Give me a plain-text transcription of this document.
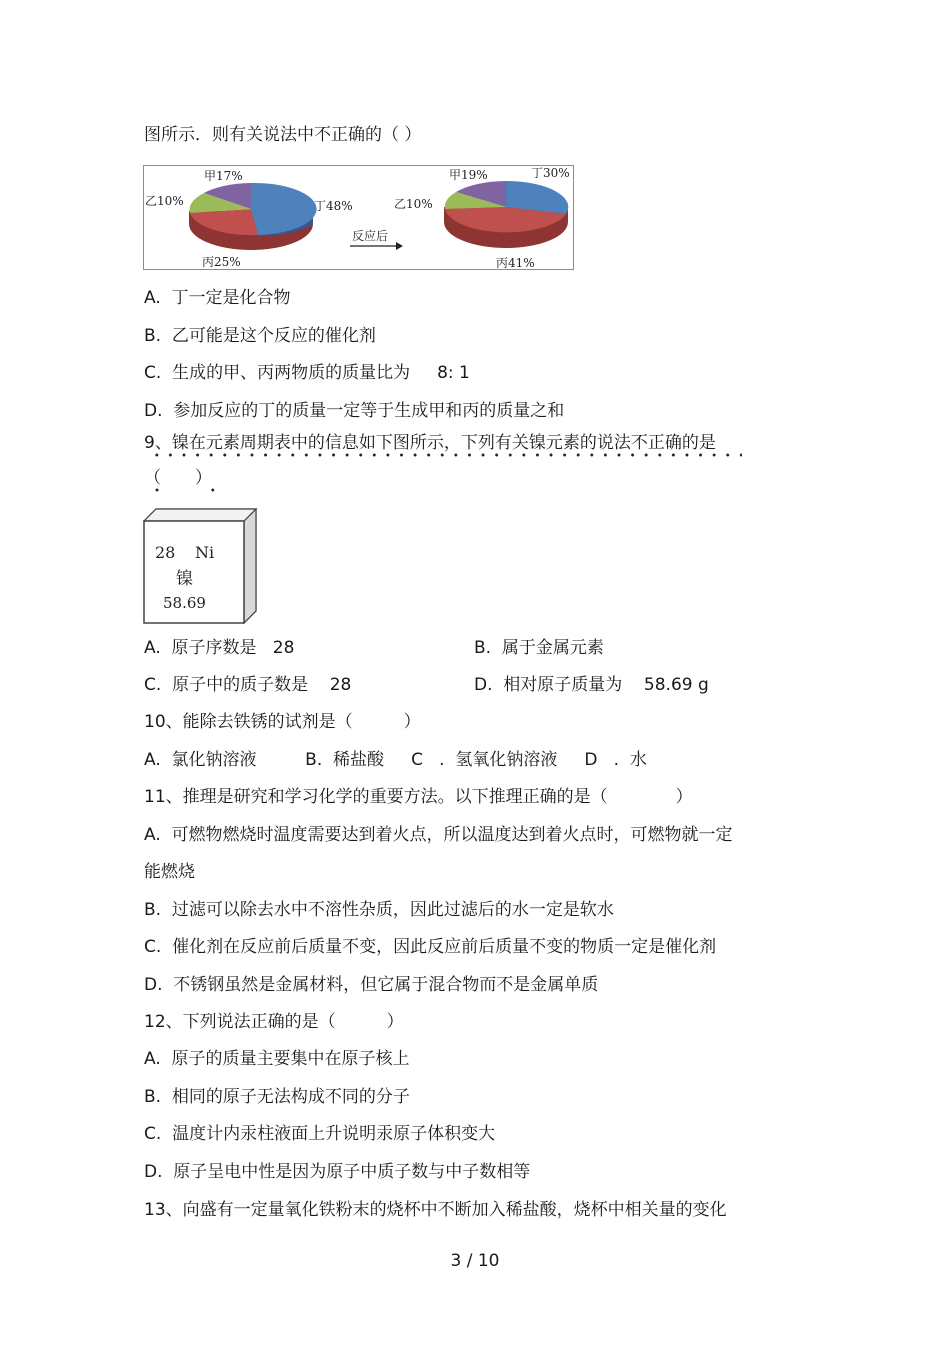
图所示．则有关说法中不正确的（ ）
甲17%
乙10%	丁48%
丙25%
反应后
甲19%	丁30%
乙10%
丙41%
A.  丁一定是化合物
B.  乙可能是这个反应的催化剂
C.  生成的甲、丙两物质的质量比为     8: 1
D.  参加反应的丁的质量一定等于生成甲和丙的质量之和
9、镍在元素周期表中的信息如下图所示，下列有关镍元素的说法不正确的是
（　　）
28 Ni
镍
58.69
A.  原子序数是   28	B.  属于金属元素
C.  原子中的质子数是    28	D.  相对原子质量为    58.69 g
10、能除去铁锈的试剂是（　　　）
A.  氯化钠溶液         B.  稀盐酸     C   .  氢氧化钠溶液     D   .  水
11、推理是研究和学习化学的重要方法。以下推理正确的是（　　　　）
A.  可燃物燃烧时温度需要达到着火点，所以温度达到着火点时，可燃物就一定
能燃烧
B.  过滤可以除去水中不溶性杂质，因此过滤后的水一定是软水
C.  催化剂在反应前后质量不变，因此反应前后质量不变的物质一定是催化剂
D.  不锈钢虽然是金属材料，但它属于混合物而不是金属单质
12、下列说法正确的是（　　　）
A.  原子的质量主要集中在原子核上
B.  相同的原子无法构成不同的分子
C.  温度计内汞柱液面上升说明汞原子体积变大
D.  原子呈电中性是因为原子中质子数与中子数相等
13、向盛有一定量氧化铁粉末的烧杯中不断加入稀盐酸，烧杯中相关量的变化
3 / 10
